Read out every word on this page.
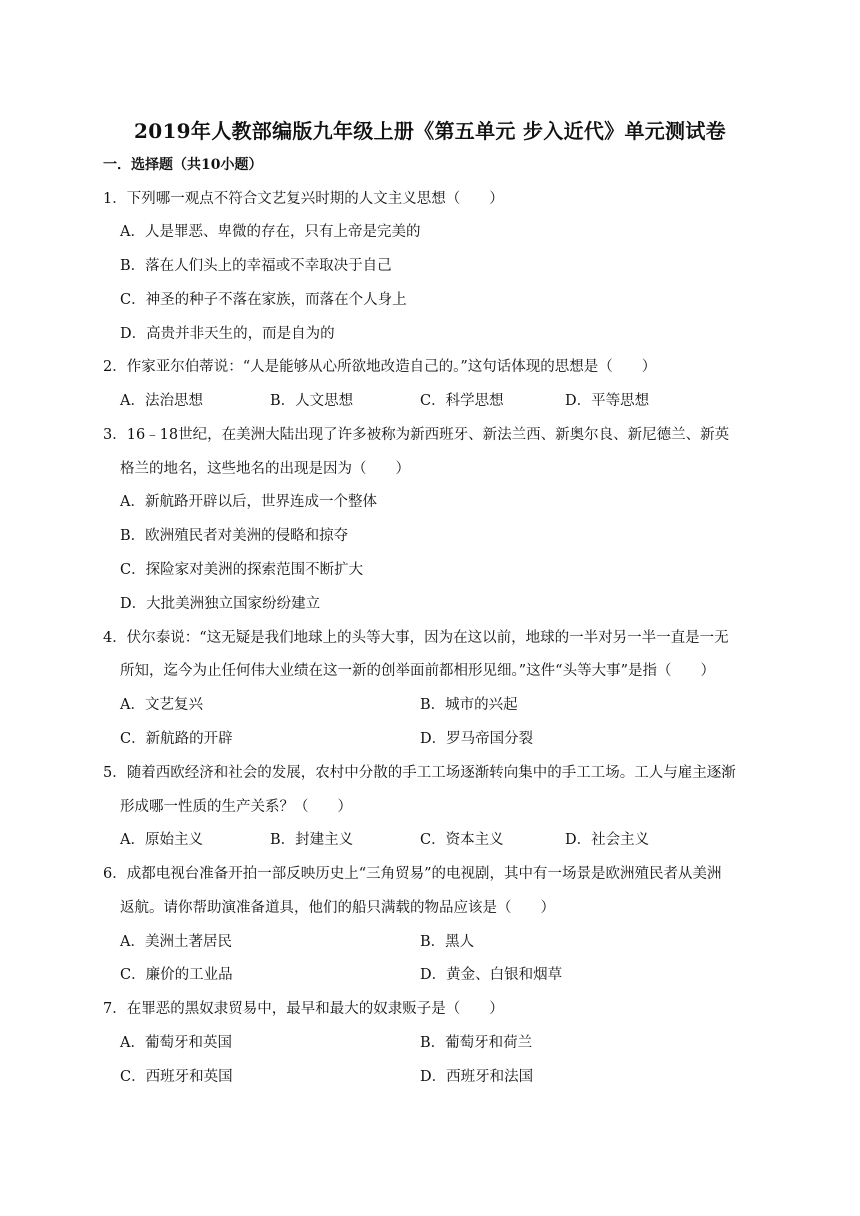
2019年人教部编版九年级上册《第五单元 步入近代》单元测试卷
一．选择题（共10小题）
1．下列哪一观点不符合文艺复兴时期的人文主义思想（　　）
A．人是罪恶、卑微的存在，只有上帝是完美的
B．落在人们头上的幸福或不幸取决于自己
C．神圣的种子不落在家族，而落在个人身上
D．高贵并非天生的，而是自为的
2．作家亚尔伯蒂说：“人是能够从心所欲地改造自己的。”这句话体现的思想是（　　）
A．法治思想	B．人文思想	C．科学思想	D．平等思想
3．16﹣18世纪，在美洲大陆出现了许多被称为新西班牙、新法兰西、新奥尔良、新尼德兰、新英
格兰的地名，这些地名的出现是因为（　　）
A．新航路开辟以后，世界连成一个整体
B．欧洲殖民者对美洲的侵略和掠夺
C．探险家对美洲的探索范围不断扩大
D．大批美洲独立国家纷纷建立
4．伏尔泰说：“这无疑是我们地球上的头等大事，因为在这以前，地球的一半对另一半一直是一无
所知，迄今为止任何伟大业绩在这一新的创举面前都相形见细。”这件“头等大事”是指（　　）
A．文艺复兴	B．城市的兴起
C．新航路的开辟	D．罗马帝国分裂
5．随着西欧经济和社会的发展，农村中分散的手工工场逐渐转向集中的手工工场。工人与雇主逐渐
形成哪一性质的生产关系？（　　）
A．原始主义	B．封建主义	C．资本主义	D．社会主义
6．成都电视台准备开拍一部反映历史上“三角贸易”的电视剧，其中有一场景是欧洲殖民者从美洲
返航。请你帮助演准备道具，他们的船只满载的物品应该是（　　）
A．美洲土著居民	B．黑人
C．廉价的工业品	D．黄金、白银和烟草
7．在罪恶的黑奴隶贸易中，最早和最大的奴隶贩子是（　　）
A．葡萄牙和英国	B．葡萄牙和荷兰
C．西班牙和英国	D．西班牙和法国
